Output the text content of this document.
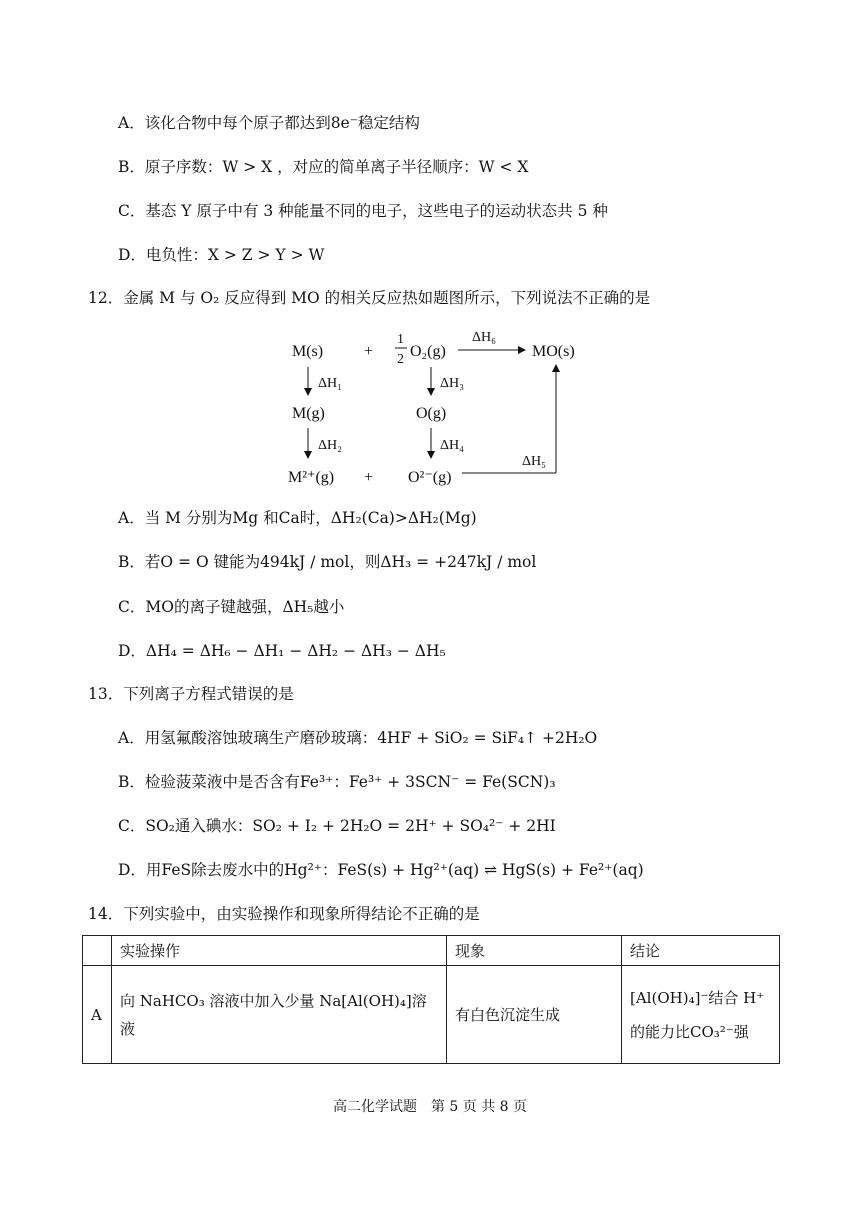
A．该化合物中每个原子都达到8e⁻稳定结构
B．原子序数：W > X ，对应的简单离子半径顺序：W < X
C．基态 Y 原子中有 3 种能量不同的电子，这些电子的运动状态共 5 种
D．电负性：X > Z > Y > W
12．金属 M 与 O₂ 反应得到 MO 的相关反应热如题图所示，下列说法不正确的是
M(s)	+
1
2 O₂(g)
ΔH₆
MO(s)
ΔH₁	ΔH₃
M(g)	O(g)
ΔH₂	ΔH₄
M²⁺(g) + O²⁻(g)
ΔH₅
A．当 M 分别为Mg 和Ca时，ΔH₂(Ca)>ΔH₂(Mg)
B．若O = O 键能为494kJ / mol，则ΔH₃ = +247kJ / mol
C．MO的离子键越强，ΔH₅越小
D．ΔH₄ = ΔH₆ − ΔH₁ − ΔH₂ − ΔH₃ − ΔH₅
13．下列离子方程式错误的是
A．用氢氟酸溶蚀玻璃生产磨砂玻璃：4HF + SiO₂ = SiF₄↑ +2H₂O
B．检验菠菜液中是否含有Fe³⁺：Fe³⁺ + 3SCN⁻ = Fe(SCN)₃
C．SO₂通入碘水：SO₂ + I₂ + 2H₂O = 2H⁺ + SO₄²⁻ + 2HI
D．用FeS除去废水中的Hg²⁺：FeS(s) + Hg²⁺(aq) ⇌ HgS(s) + Fe²⁺(aq)
14．下列实验中，由实验操作和现象所得结论不正确的是
	实验操作	现象	结论
A	向 NaHCO₃ 溶液中加入少量 Na[Al(OH)₄]溶液	有白色沉淀生成	[Al(OH)₄]⁻结合 H⁺
的能力比CO₃²⁻强
高二化学试题　第 5 页 共 8 页
